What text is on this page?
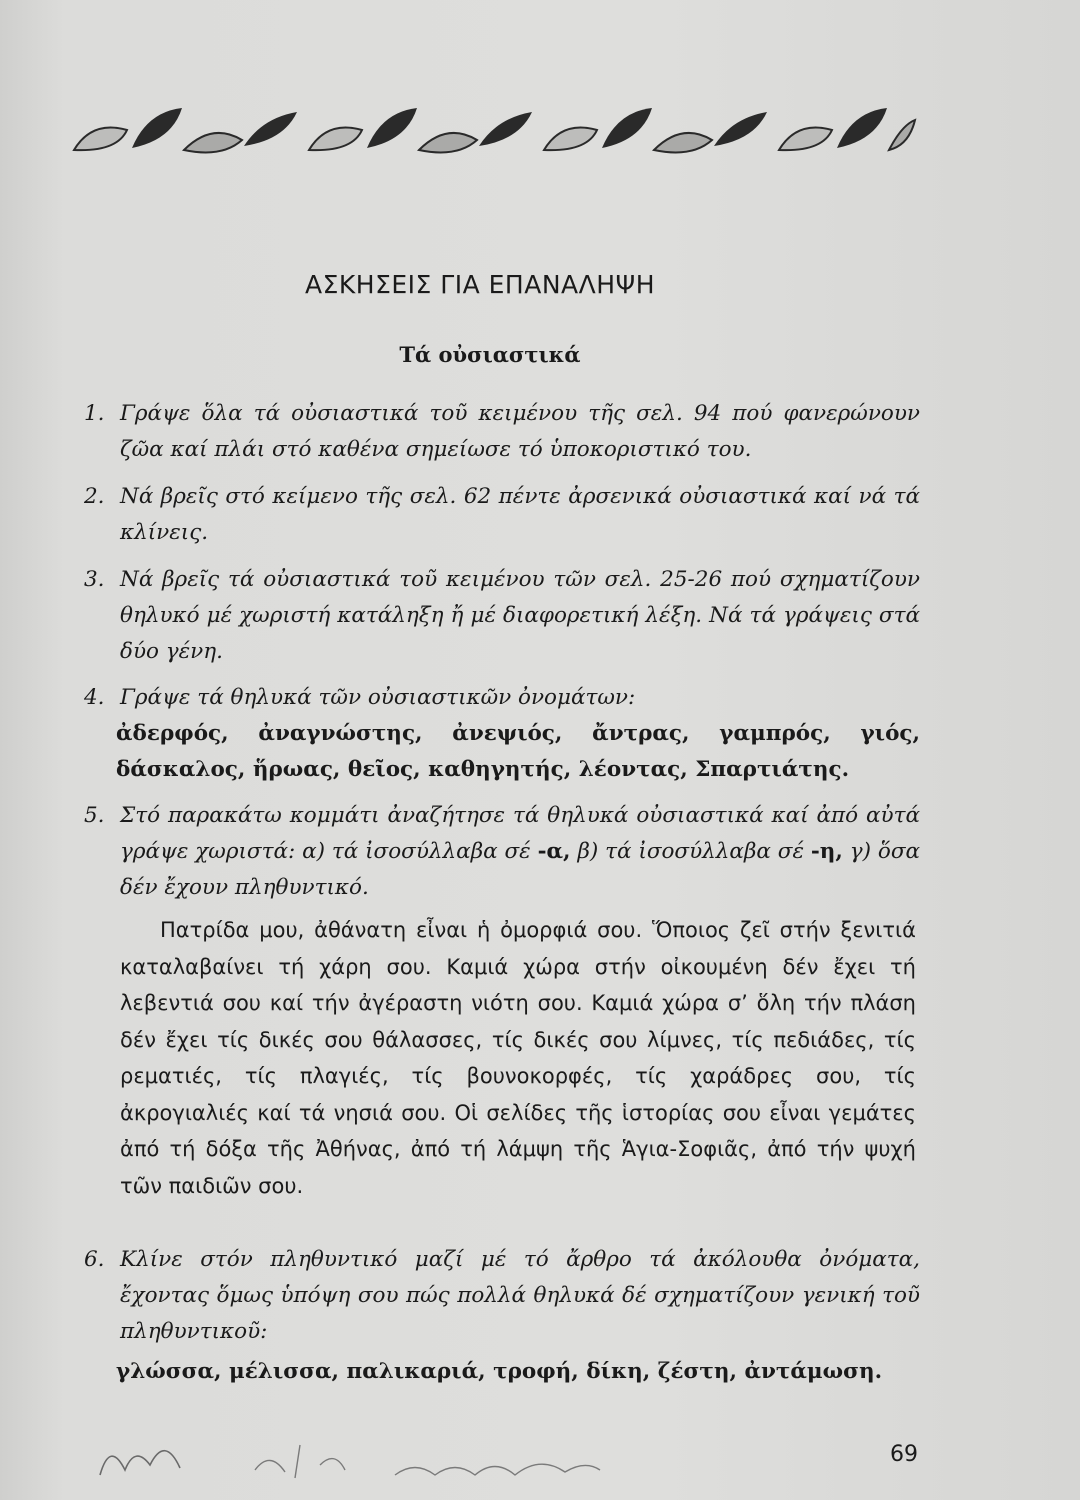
ΑΣΚΗΣΕΙΣ ΓΙΑ ΕΠΑΝΑΛΗΨΗ
Τά οὐσιαστικά
1. Γράψε ὅλα τά οὐσιαστικά τοῦ κειμένου τῆς σελ. 94 πού φανερώνουν ζῶα καί πλάι στό καθένα σημείωσε τό ὑποκοριστικό του.
2. Νά βρεῖς στό κείμενο τῆς σελ. 62 πέντε ἀρσενικά οὐσιαστικά καί νά τά κλίνεις.
3. Νά βρεῖς τά οὐσιαστικά τοῦ κειμένου τῶν σελ. 25-26 πού σχηματίζουν θηλυκό μέ χωριστή κατάληξη ἤ μέ διαφορετική λέξη. Νά τά γράψεις στά δύο γένη.
4. Γράψε τά θηλυκά τῶν οὐσιαστικῶν ὀνομάτων:
ἀδερφός, ἀναγνώστης, ἀνεψιός, ἄντρας, γαμπρός, γιός, δάσκαλος, ἥρωας, θεῖος, καθηγητής, λέοντας, Σπαρτιάτης.
5. Στό παρακάτω κομμάτι ἀναζήτησε τά θηλυκά οὐσιαστικά καί ἀπό αὐτά γράψε χωριστά: α) τά ἰσοσύλλαβα σέ -α, β) τά ἰσοσύλλαβα σέ -η, γ) ὅσα δέν ἔχουν πληθυντικό.
Πατρίδα μου, ἀθάνατη εἶναι ἡ ὀμορφιά σου. Ὅποιος ζεῖ στήν ξενιτιά καταλαβαίνει τή χάρη σου. Καμιά χώρα στήν οἰκουμένη δέν ἔχει τή λεβεντιά σου καί τήν ἀγέραστη νιότη σου. Καμιά χώρα σ’ ὅλη τήν πλάση δέν ἔχει τίς δικές σου θάλασσες, τίς δικές σου λίμνες, τίς πεδιάδες, τίς ρεματιές, τίς πλαγιές, τίς βουνοκορφές, τίς χαράδρες σου, τίς ἀκρογιαλιές καί τά νησιά σου. Οἱ σελίδες τῆς ἱστορίας σου εἶναι γεμάτες ἀπό τή δόξα τῆς Ἀθήνας, ἀπό τή λάμψη τῆς Ἁγια-Σοφιᾶς, ἀπό τήν ψυχή τῶν παιδιῶν σου.
6. Κλίνε στόν πληθυντικό μαζί μέ τό ἄρθρο τά ἀκόλουθα ὀνόματα, ἔχοντας ὅμως ὑπόψη σου πώς πολλά θηλυκά δέ σχηματίζουν γενική τοῦ πληθυντικοῦ:
γλώσσα, μέλισσα, παλικαριά, τροφή, δίκη, ζέστη, ἀντάμωση.
69
